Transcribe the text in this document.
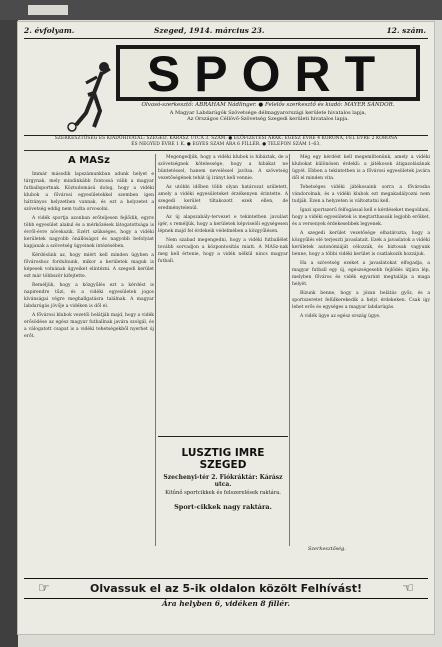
2. évfolyam.	Szeged, 1914. március 23.	12. szám.
SPORT
Olvasó-szerkesztő: ABRAHAM Nádlinger. ● Felelős szerkesztő és kiadó: MAYER SÁNDOR.
A Magyar Labdarúgók Szövetsége délmagyarországi kerülete hivatalos lapja,
Az Országos Céllövő-Szövetség Szegedi kerületi hivatalos lapja.
SZERKESZTŐSÉG ÉS KIADÓHIVATAL: SZEGED, KÁRÁSZ UTCA 3. SZÁM. ● ELŐFIZETÉSI ÁRAK: EGÉSZ ÉVRE 4 KORONA, FÉL ÉVRE 2 KORONA
ÉS NEGYED ÉVRE 1 K. ● EGYES SZÁM ÁRA 6 FILLÉR. ● TELEFON SZÁM 1–63.
A MASz

Immár második lapszámunkban adunk helyet e tárgynak, mely mindinkább fontossá válik a magyar futballsportnak. Köztudomású dolog, hogy a vidéki klubok a fővárosi egyesületekkel szemben igen hátrányos helyzetben vannak, és ezt a helyzetet a szövetség eddig nem tudta orvosolni.

A vidék sportja azonban erőteljesen fejlődik, egyre több egyesület alakul és a mérkőzések látogatottsága is évről-évre növekszik. Ezért szükséges, hogy a vidéki kerületek nagyobb önállóságot és nagyobb befolyást kapjanak a szövetség ügyeinek intézésében.

Kérdésünk az, hogy miért kell minden ügyben a fővároshoz fordulnunk, mikor a kerületek maguk is képesek volnának ügyeiket elintézni. A szegedi kerület ezt már többször kifejtette.

Reméljük, hogy a közgyűlés ezt a kérdést is napirendre tűzi, és a vidéki egyesületek jogos kívánságai végre meghallgatásra találnak. A magyar labdarúgás jövője a vidéken is dől el.

A fővárosi klubok vezetői belátják majd, hogy a vidék erősödése az egész magyar futballnak javára szolgál, és a válogatott csapat is a vidéki tehetségekből nyerhet új erőt.

Megengedjük, hogy a vidéki klubok is hibáztak, de a szövetségnek kötelessége, hogy a hibákat ne büntetéssel, hanem neveléssel javítsa. A szövetség vezetőségének tehát új irányt kell vennie.

Az utóbbi időben több olyan határozat született, amely a vidéki egyesületeket érzékenyen érintette. A szegedi kerület tiltakozott ezek ellen, de eredménytelenül.

Az új alapszabály-tervezet e tekintetben javulást ígér, s reméljük, hogy a kerületek képviselői egységesen lépnek majd fel érdekeik védelmében a közgyűlésen.

Nem szabad megengedni, hogy a vidéki futballélet tovább sorvadjon a központosítás miatt. A MASz-nak meg kell értenie, hogy a vidék nélkül nincs magyar futball.

Még egy kérdést kell megemlítenünk, amely a vidéki klubokat különösen érdekli: a játékosok átigazolásának ügyét. Ebben a tekintetben is a fővárosi egyesületek javára dől el minden vita.

Tehetséges vidéki játékosaink sorra a fővárosba vándorolnak, és a vidéki klubok ezt megakadályozni nem tudják. Ezen a helyzeten is változtatni kell.

Igazi sportszerű felfogással kell e kérdéseket megoldani, hogy a vidéki egyesületek is megtarthassák legjobb erőiket, és a versenyek érdekesebbek legyenek.

A szegedi kerület vezetősége elhatározta, hogy a közgyűlés elé terjeszti javaslatait. Ezek a javaslatok a vidéki kerületek autonómiáját célozzák, és biztosak vagyunk benne, hogy a többi vidéki kerület is csatlakozik hozzájuk.

Ha a szövetség ezeket a javaslatokat elfogadja, a magyar futball egy új, egészségesebb fejlődés útjára lép, melyben főváros és vidék egyaránt megtalálja a maga helyét.

Bízunk benne, hogy a józan belátás győz, és a sportszeretet felülkerekedik a helyi érdekeken. Csak így lehet erős és egységes a magyar labdarúgás.

A vidék ügye az egész ország ügye.

LUSZTIG IMRE SZEGED
Szechenyi-tér 2. Fiókráktár: Kárász utca.
Kitűnő sportcikkek és felszerelések raktára.
Sport-cikkek nagy raktára.
Szerkesztőség.
☞	Olvassuk el az 5-ik oldalon közölt Felhívást!	☜
Ára helyben 6, vidéken 8 fillér.
